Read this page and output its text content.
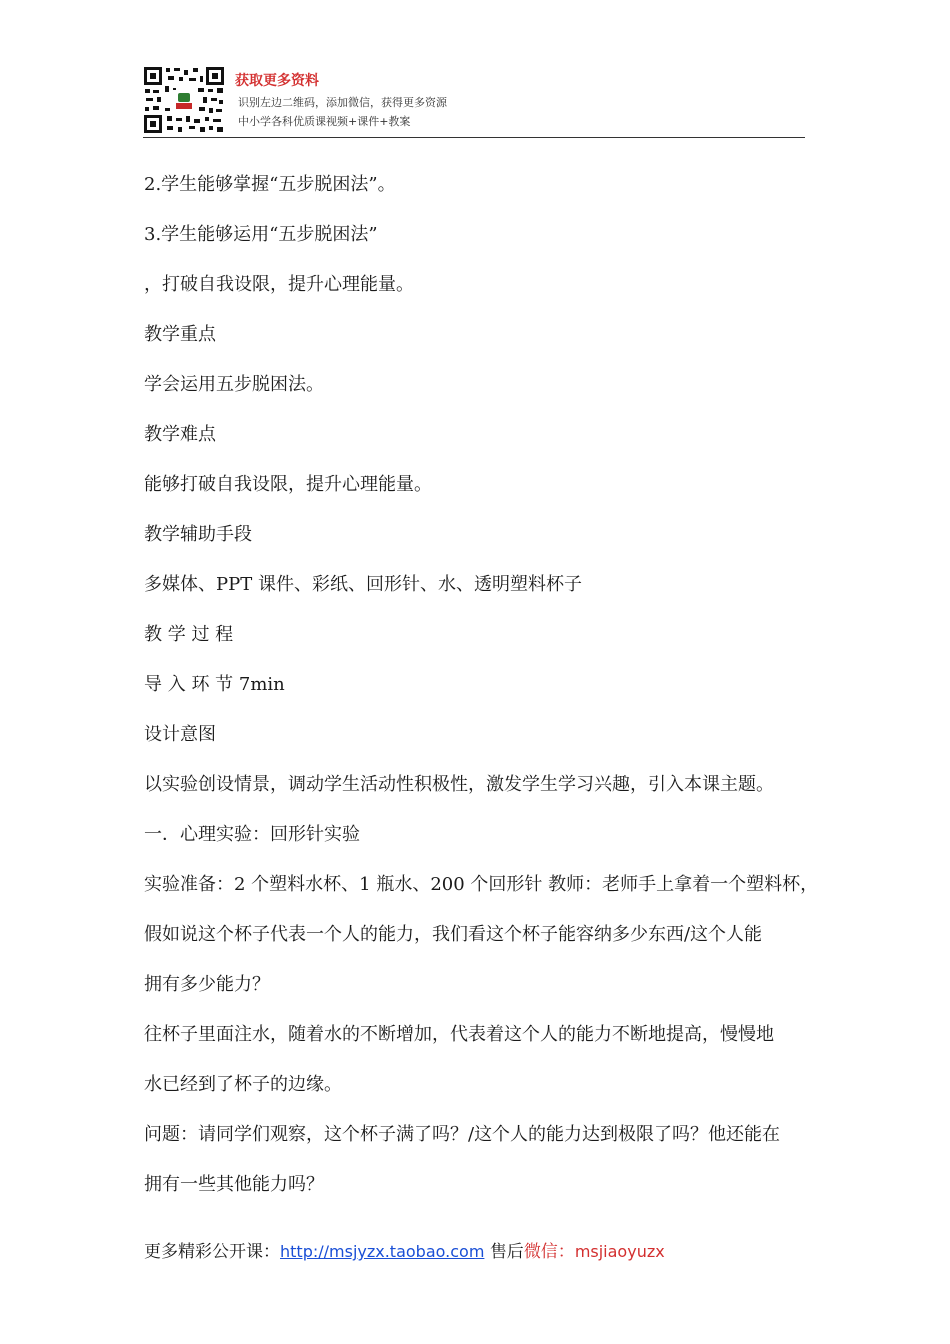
获取更多资料
识别左边二维码，添加微信，获得更多资源
中小学各科优质课视频+课件+教案

2.学生能够掌握“五步脱困法”。

3.学生能够运用“五步脱困法”

，打破自我设限，提升心理能量。

教学重点

学会运用五步脱困法。

教学难点

能够打破自我设限，提升心理能量。

教学辅助手段

多媒体、PPT 课件、彩纸、回形针、水、透明塑料杯子

教 学 过 程

导 入 环 节 7min

设计意图

以实验创设情景，调动学生活动性积极性，激发学生学习兴趣，引入本课主题。

一．心理实验：回形针实验

实验准备：2 个塑料水杯、1 瓶水、200 个回形针 教师：老师手上拿着一个塑料杯，

假如说这个杯子代表一个人的能力，我们看这个杯子能容纳多少东西/这个人能

拥有多少能力？

往杯子里面注水，随着水的不断增加，代表着这个人的能力不断地提高，慢慢地

水已经到了杯子的边缘。

问题：请同学们观察，这个杯子满了吗？/这个人的能力达到极限了吗？他还能在

拥有一些其他能力吗？

更多精彩公开课：http://msjyzx.taobao.com 售后微信：msjiaoyuzx
